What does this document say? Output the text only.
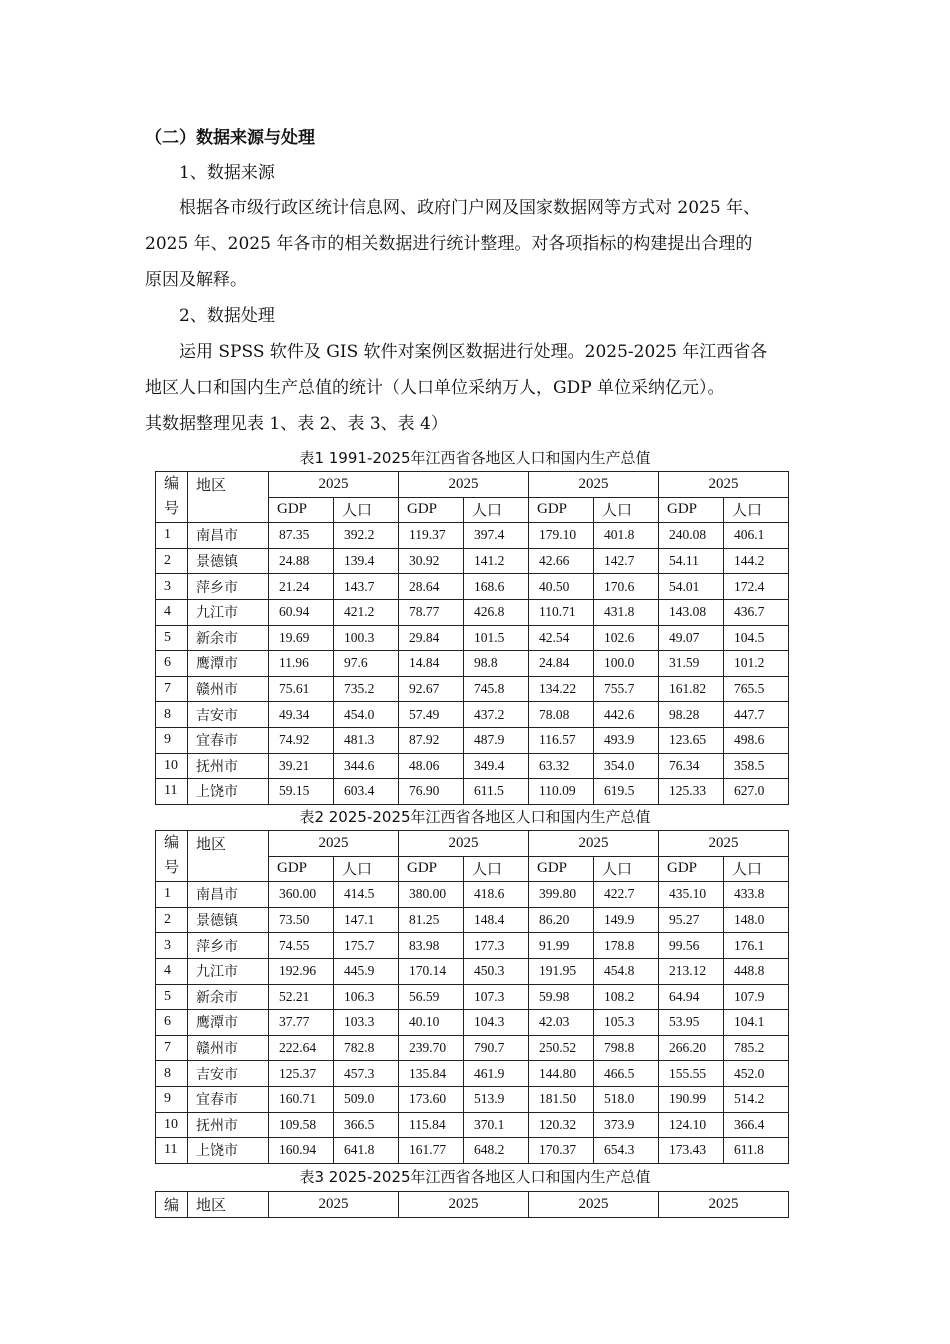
（二）数据来源与处理
1、数据来源
根据各市级行政区统计信息网、政府门户网及国家数据网等方式对 2025 年、
2025 年、2025 年各市的相关数据进行统计整理。对各项指标的构建提出合理的
原因及解释。
2、数据处理
运用 SPSS 软件及 GIS 软件对案例区数据进行处理。2025-2025 年江西省各
地区人口和国内生产总值的统计（人口单位采纳万人，GDP 单位采纳亿元）。
其数据整理见表 1、表 2、表 3、表 4）
表1 1991-2025年江西省各地区人口和国内生产总值
编
号	地区	2025		2025		2025		2025	
		GDP	人口	GDP	人口	GDP	人口	GDP	人口
1	南昌市	87.35	392.2	119.37	397.4	179.10	401.8	240.08	406.1
2	景德镇	24.88	139.4	30.92	141.2	42.66	142.7	54.11	144.2
3	萍乡市	21.24	143.7	28.64	168.6	40.50	170.6	54.01	172.4
4	九江市	60.94	421.2	78.77	426.8	110.71	431.8	143.08	436.7
5	新余市	19.69	100.3	29.84	101.5	42.54	102.6	49.07	104.5
6	鹰潭市	11.96	97.6	14.84	98.8	24.84	100.0	31.59	101.2
7	赣州市	75.61	735.2	92.67	745.8	134.22	755.7	161.82	765.5
8	吉安市	49.34	454.0	57.49	437.2	78.08	442.6	98.28	447.7
9	宜春市	74.92	481.3	87.92	487.9	116.57	493.9	123.65	498.6
10	抚州市	39.21	344.6	48.06	349.4	63.32	354.0	76.34	358.5
11	上饶市	59.15	603.4	76.90	611.5	110.09	619.5	125.33	627.0
表2 2025-2025年江西省各地区人口和国内生产总值
编
号	地区	2025		2025		2025		2025	
		GDP	人口	GDP	人口	GDP	人口	GDP	人口
1	南昌市	360.00	414.5	380.00	418.6	399.80	422.7	435.10	433.8
2	景德镇	73.50	147.1	81.25	148.4	86.20	149.9	95.27	148.0
3	萍乡市	74.55	175.7	83.98	177.3	91.99	178.8	99.56	176.1
4	九江市	192.96	445.9	170.14	450.3	191.95	454.8	213.12	448.8
5	新余市	52.21	106.3	56.59	107.3	59.98	108.2	64.94	107.9
6	鹰潭市	37.77	103.3	40.10	104.3	42.03	105.3	53.95	104.1
7	赣州市	222.64	782.8	239.70	790.7	250.52	798.8	266.20	785.2
8	吉安市	125.37	457.3	135.84	461.9	144.80	466.5	155.55	452.0
9	宜春市	160.71	509.0	173.60	513.9	181.50	518.0	190.99	514.2
10	抚州市	109.58	366.5	115.84	370.1	120.32	373.9	124.10	366.4
11	上饶市	160.94	641.8	161.77	648.2	170.37	654.3	173.43	611.8
表3 2025-2025年江西省各地区人口和国内生产总值
编	地区	2025	2025	2025	2025
